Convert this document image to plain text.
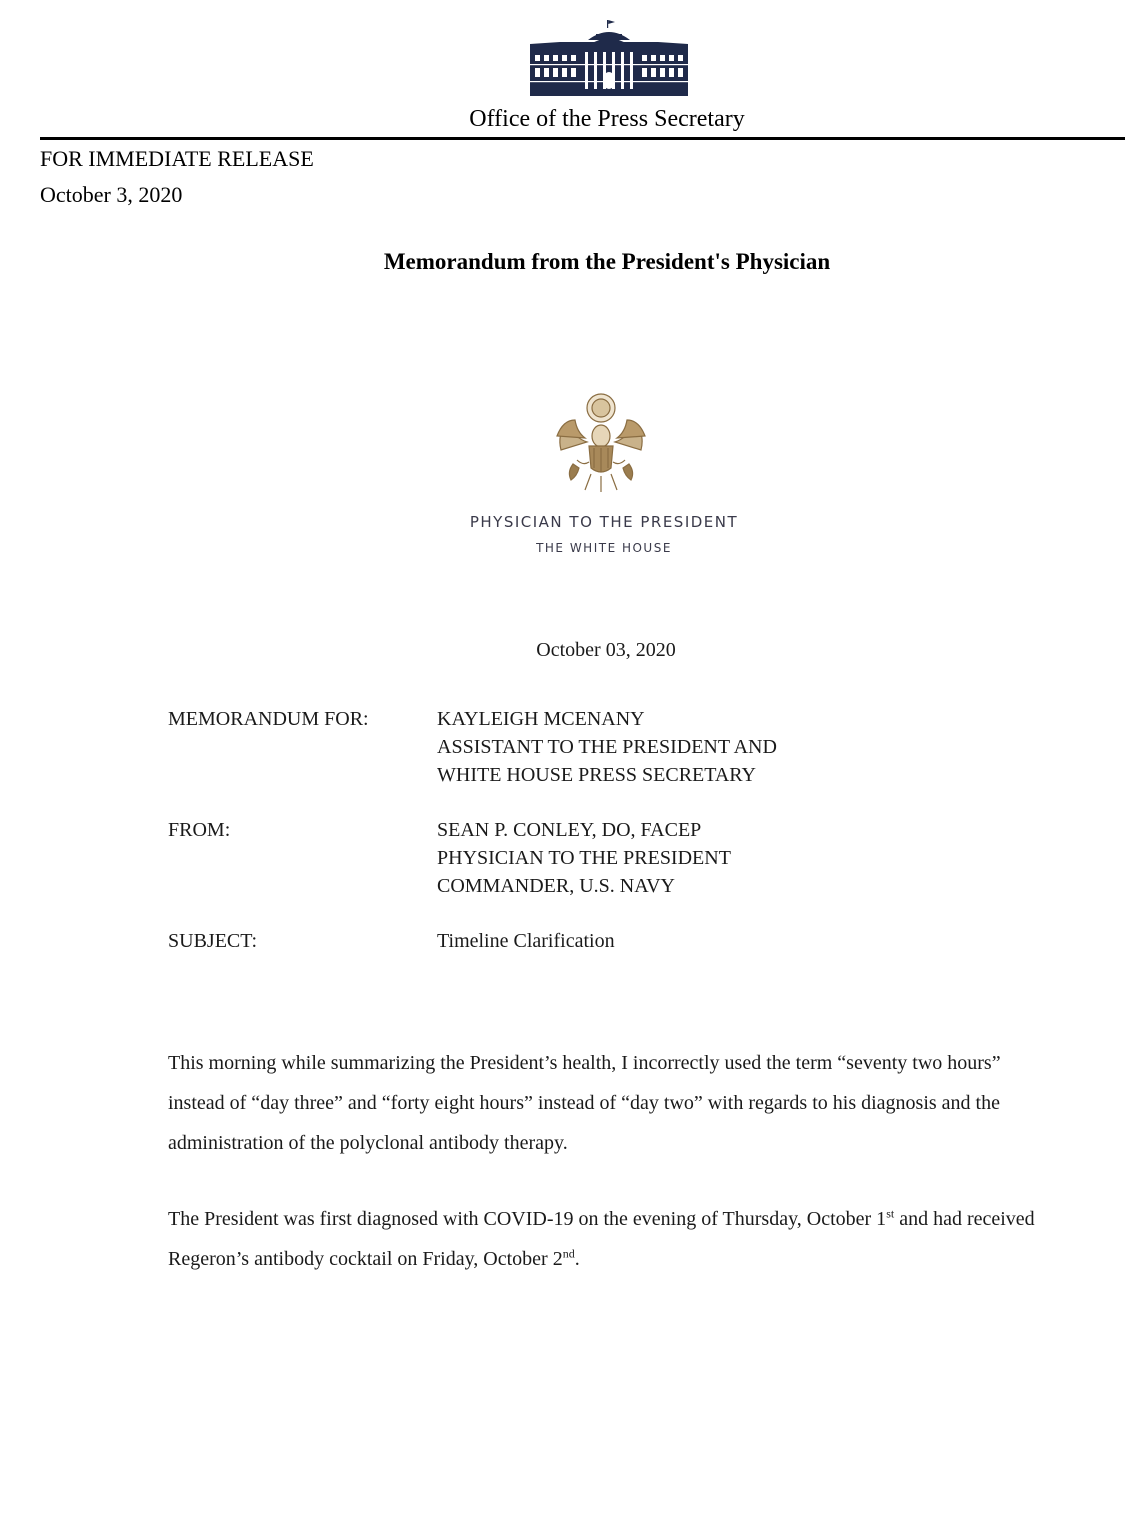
Office of the Press Secretary
FOR IMMEDIATE RELEASE
October 3, 2020
Memorandum from the President's Physician
PHYSICIAN TO THE PRESIDENT
THE WHITE HOUSE
October 03, 2020
MEMORANDUM FOR:	KAYLEIGH MCENANY
ASSISTANT TO THE PRESIDENT AND
WHITE HOUSE PRESS SECRETARY
FROM:	SEAN P. CONLEY, DO, FACEP
PHYSICIAN TO THE PRESIDENT
COMMANDER, U.S. NAVY
SUBJECT:	Timeline Clarification
This morning while summarizing the President’s health, I incorrectly used the term “seventy two hours” instead of “day three” and “forty eight hours” instead of “day two” with regards to his diagnosis and the administration of the polyclonal antibody therapy.
The President was first diagnosed with COVID-19 on the evening of Thursday, October 1st and had received Regeron’s antibody cocktail on Friday, October 2nd.
